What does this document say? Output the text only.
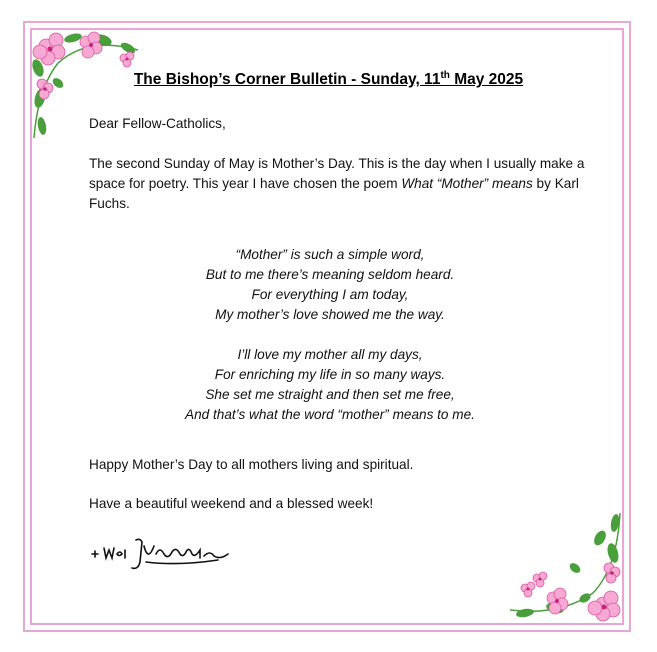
The Bishop’s Corner Bulletin - Sunday, 11th May 2025
Dear Fellow-Catholics,
The second Sunday of May is Mother’s Day. This is the day when I usually make a space for poetry. This year I have chosen the poem What “Mother” means by Karl Fuchs.
“Mother” is such a simple word,
But to me there’s meaning seldom heard.
For everything I am today,
My mother’s love showed me the way.
I’ll love my mother all my days,
For enriching my life in so many ways.
She set me straight and then set me free,
And that’s what the word “mother” means to me.
Happy Mother’s Day to all mothers living and spiritual.
Have a beautiful weekend and a blessed week!
